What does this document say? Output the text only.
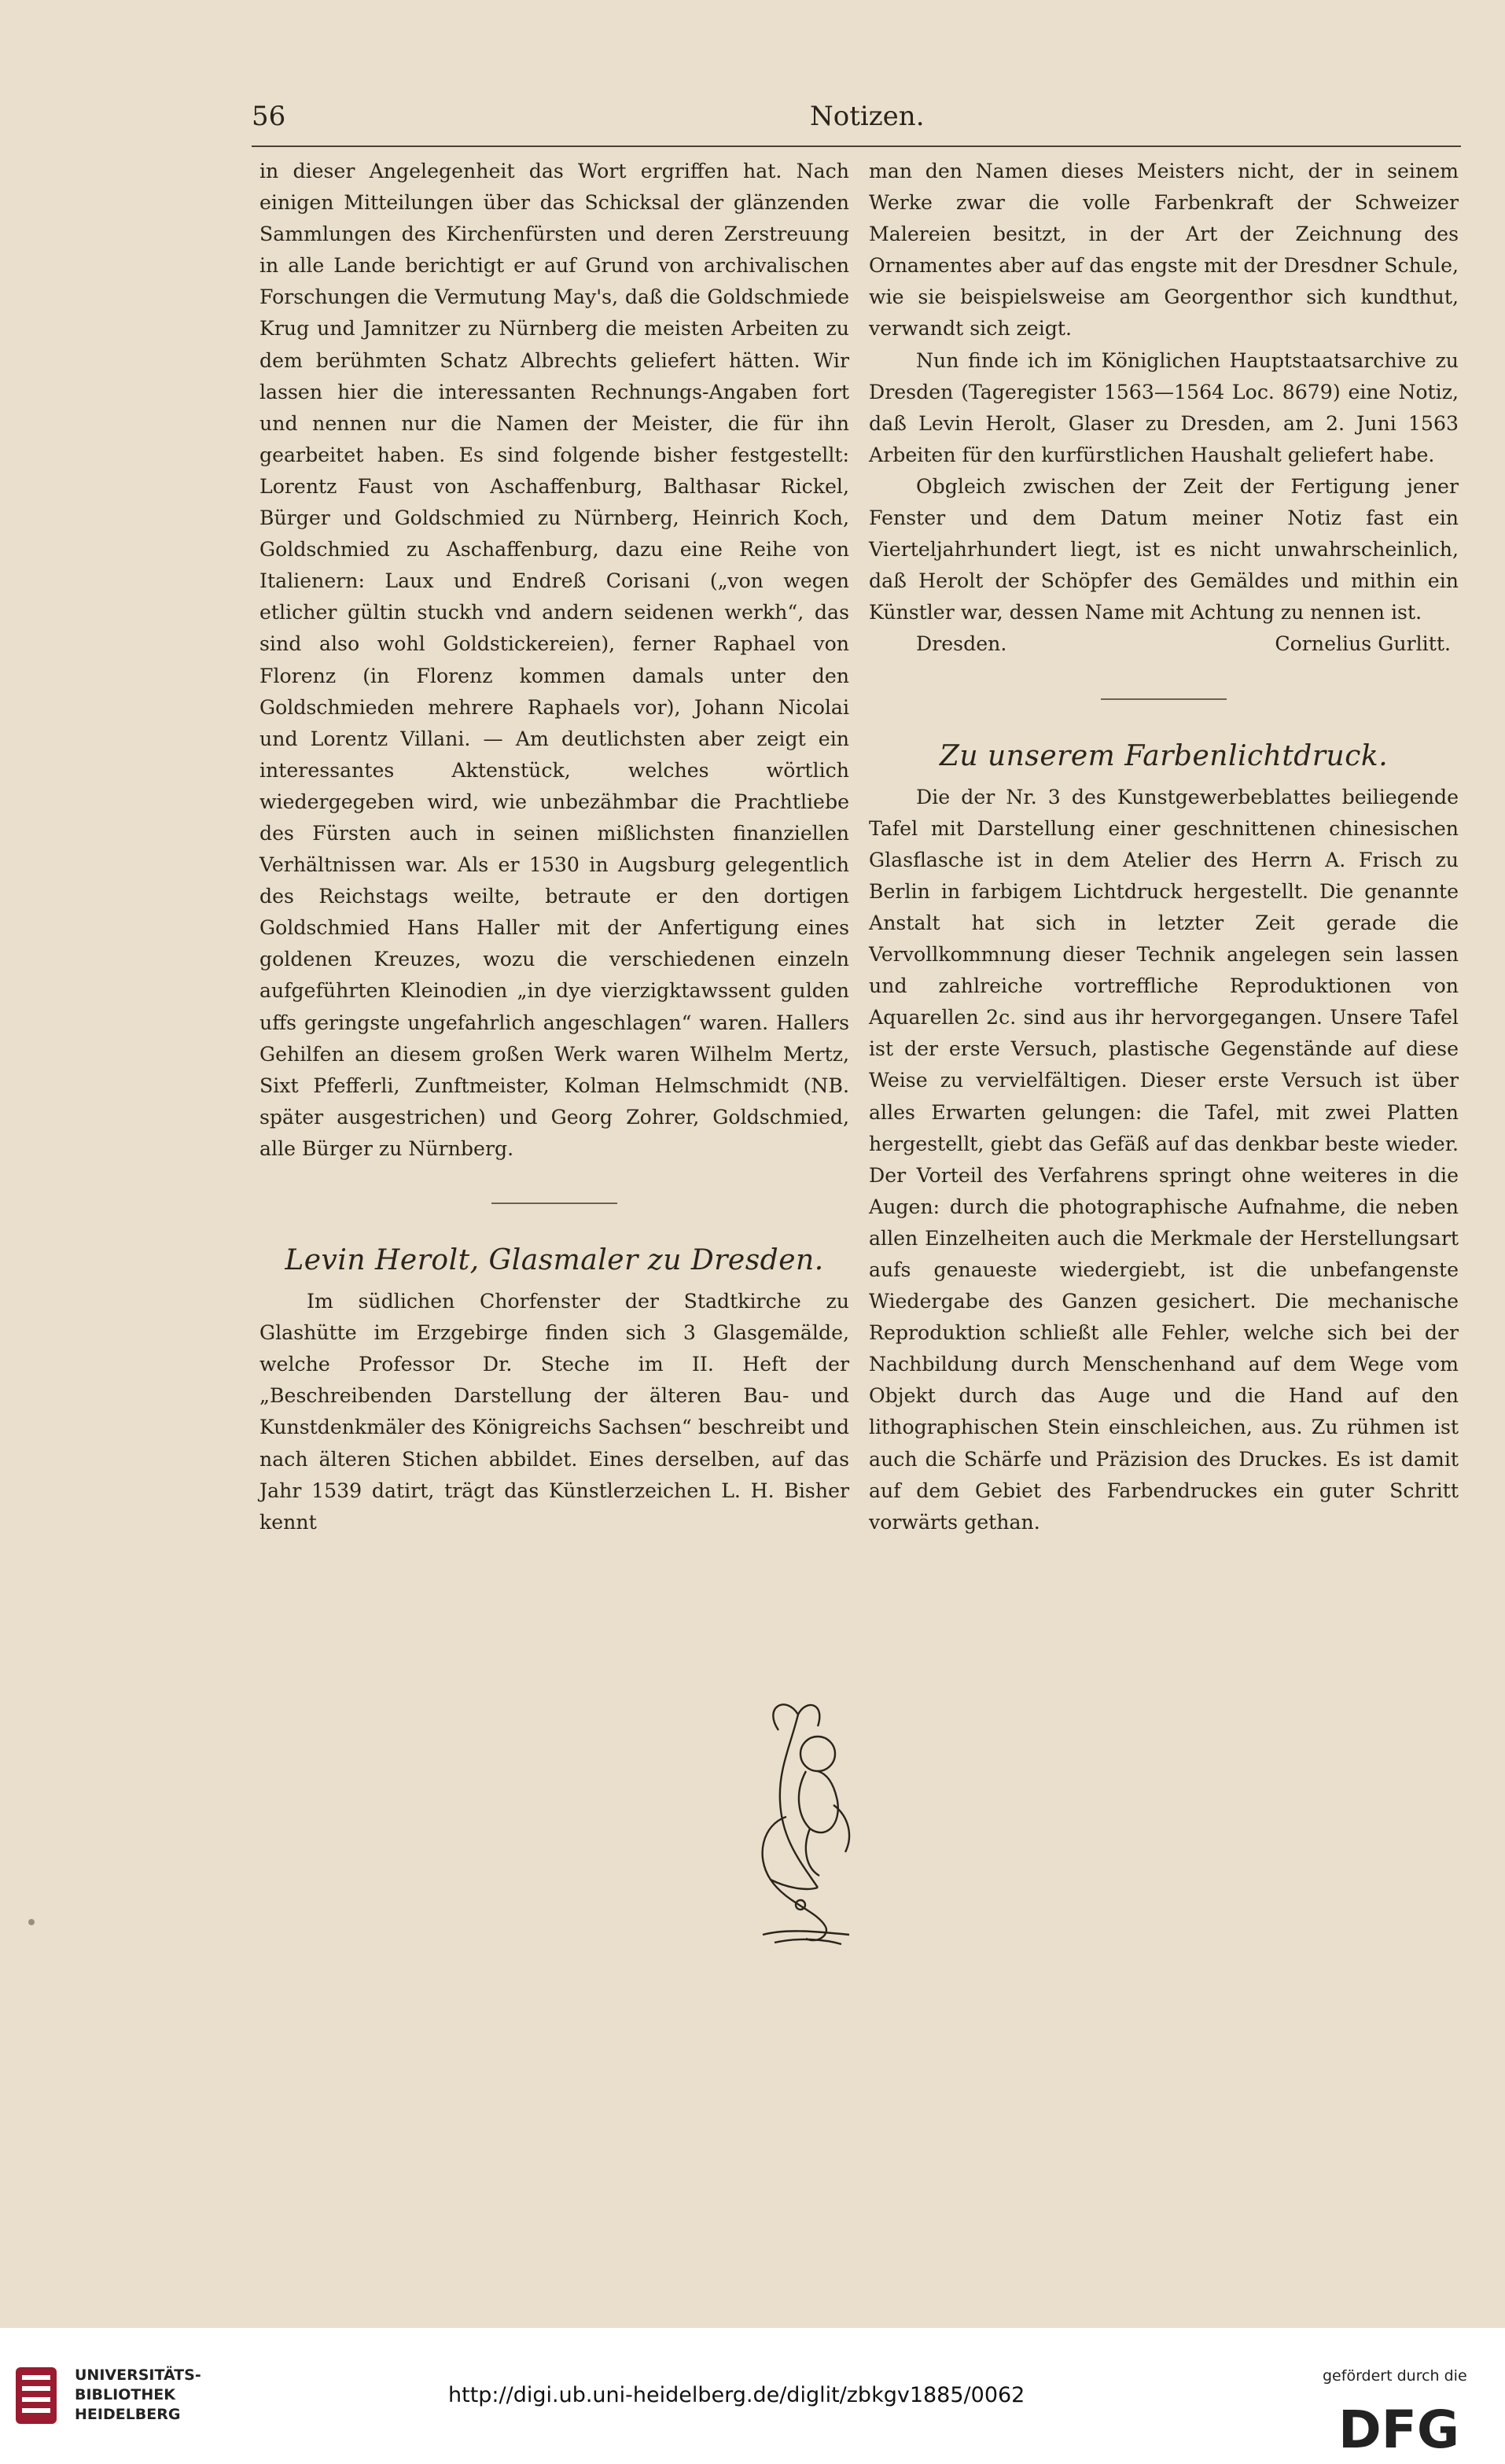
56	Notizen.

in dieser Angelegenheit das Wort ergriffen hat. Nach einigen Mitteilungen über das Schicksal der glänzenden Sammlungen des Kirchenfürsten und deren Zerstreuung in alle Lande berichtigt er auf Grund von archivalischen Forschungen die Vermutung May's, daß die Goldschmiede Krug und Jamnitzer zu Nürnberg die meisten Arbeiten zu dem berühmten Schatz Albrechts geliefert hätten. Wir lassen hier die interessanten Rechnungs-Angaben fort und nennen nur die Namen der Meister, die für ihn gearbeitet haben. Es sind folgende bisher festgestellt: Lorentz Faust von Aschaffenburg, Balthasar Rickel, Bürger und Goldschmied zu Nürnberg, Heinrich Koch, Goldschmied zu Aschaffenburg, dazu eine Reihe von Italienern: Laux und Endreß Corisani („von wegen etlicher gültin stuckh vnd andern seidenen werkh“, das sind also wohl Goldstickereien), ferner Raphael von Florenz (in Florenz kommen damals unter den Goldschmieden mehrere Raphaels vor), Johann Nicolai und Lorentz Villani. — Am deutlichsten aber zeigt ein interessantes Aktenstück, welches wörtlich wiedergegeben wird, wie unbezähmbar die Prachtliebe des Fürsten auch in seinen mißlichsten finanziellen Verhältnissen war. Als er 1530 in Augsburg gelegentlich des Reichstags weilte, betraute er den dortigen Goldschmied Hans Haller mit der Anfertigung eines goldenen Kreuzes, wozu die verschiedenen einzeln aufgeführten Kleinodien „in dye vierzigktawssent gulden uffs geringste ungefahrlich angeschlagen“ waren. Hallers Gehilfen an diesem großen Werk waren Wilhelm Mertz, Sixt Pfefferli, Zunftmeister, Kolman Helmschmidt (NB. später ausgestrichen) und Georg Zohrer, Goldschmied, alle Bürger zu Nürnberg.

Levin Herolt, Glasmaler zu Dresden.

Im südlichen Chorfenster der Stadtkirche zu Glashütte im Erzgebirge finden sich 3 Glasgemälde, welche Professor Dr. Steche im II. Heft der „Beschreibenden Darstellung der älteren Bau- und Kunstdenkmäler des Königreichs Sachsen“ beschreibt und nach älteren Stichen abbildet. Eines derselben, auf das Jahr 1539 datirt, trägt das Künstlerzeichen L. H. Bisher kennt

man den Namen dieses Meisters nicht, der in seinem Werke zwar die volle Farbenkraft der Schweizer Malereien besitzt, in der Art der Zeichnung des Ornamentes aber auf das engste mit der Dresdner Schule, wie sie beispielsweise am Georgenthor sich kundthut, verwandt sich zeigt.

Nun finde ich im Königlichen Hauptstaatsarchive zu Dresden (Tageregister 1563—1564 Loc. 8679) eine Notiz, daß Levin Herolt, Glaser zu Dresden, am 2. Juni 1563 Arbeiten für den kurfürstlichen Haushalt geliefert habe.

Obgleich zwischen der Zeit der Fertigung jener Fenster und dem Datum meiner Notiz fast ein Vierteljahrhundert liegt, ist es nicht unwahrscheinlich, daß Herolt der Schöpfer des Gemäldes und mithin ein Künstler war, dessen Name mit Achtung zu nennen ist.

Dresden.	Cornelius Gurlitt.
Zu unserem Farbenlichtdruck.

Die der Nr. 3 des Kunstgewerbeblattes beiliegende Tafel mit Darstellung einer geschnittenen chinesischen Glasflasche ist in dem Atelier des Herrn A. Frisch zu Berlin in farbigem Lichtdruck hergestellt. Die genannte Anstalt hat sich in letzter Zeit gerade die Vervollkommnung dieser Technik angelegen sein lassen und zahlreiche vortreffliche Reproduktionen von Aquarellen 2c. sind aus ihr hervorgegangen. Unsere Tafel ist der erste Versuch, plastische Gegenstände auf diese Weise zu vervielfältigen. Dieser erste Versuch ist über alles Erwarten gelungen: die Tafel, mit zwei Platten hergestellt, giebt das Gefäß auf das denkbar beste wieder. Der Vorteil des Verfahrens springt ohne weiteres in die Augen: durch die photographische Aufnahme, die neben allen Einzelheiten auch die Merkmale der Herstellungsart aufs genaueste wiedergiebt, ist die unbefangenste Wiedergabe des Ganzen gesichert. Die mechanische Reproduktion schließt alle Fehler, welche sich bei der Nachbildung durch Menschenhand auf dem Wege vom Objekt durch das Auge und die Hand auf den lithographischen Stein einschleichen, aus. Zu rühmen ist auch die Schärfe und Präzision des Druckes. Es ist damit auf dem Gebiet des Farbendruckes ein guter Schritt vorwärts gethan.

UNIVERSITÄTS-
BIBLIOTHEK
HEIDELBERG
http://digi.ub.uni-heidelberg.de/diglit/zbkgv1885/0062
gefördert durch die
DFG
